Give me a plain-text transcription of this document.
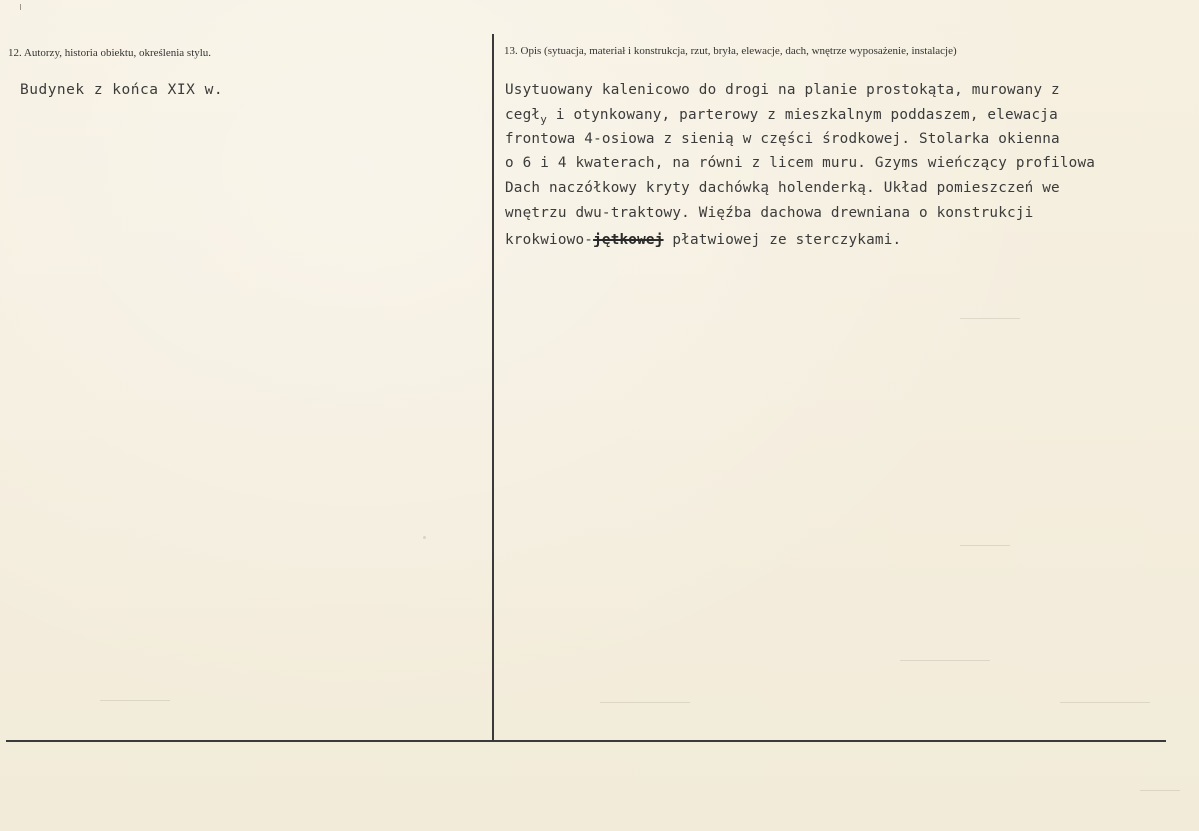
12. Autorzy, historia obiektu, określenia stylu.	13. Opis (sytuacja, materiał i konstrukcja, rzut, bryła, elewacje, dach, wnętrze wyposażenie, instalacje)
Budynek z końca XIX w.	Usytuowany kalenicowo do drogi na planie prostokąta, murowany z
cegł$_y$ i otynkowany, parterowy z mieszkalnym poddaszem, elewacja
frontowa 4-osiowa z sienią w części środkowej. Stolarka okienna
o 6 i 4 kwaterach, na równi z licem muru. Gzyms wieńczący profilowa
Dach naczółkowy kryty dachówką holenderką. Układ pomieszczeń we
wnętrzu dwu-traktowy. Więźba dachowa drewniana o konstrukcji
krokwiowo-jętkowej płatwiowej ze sterczykami.
